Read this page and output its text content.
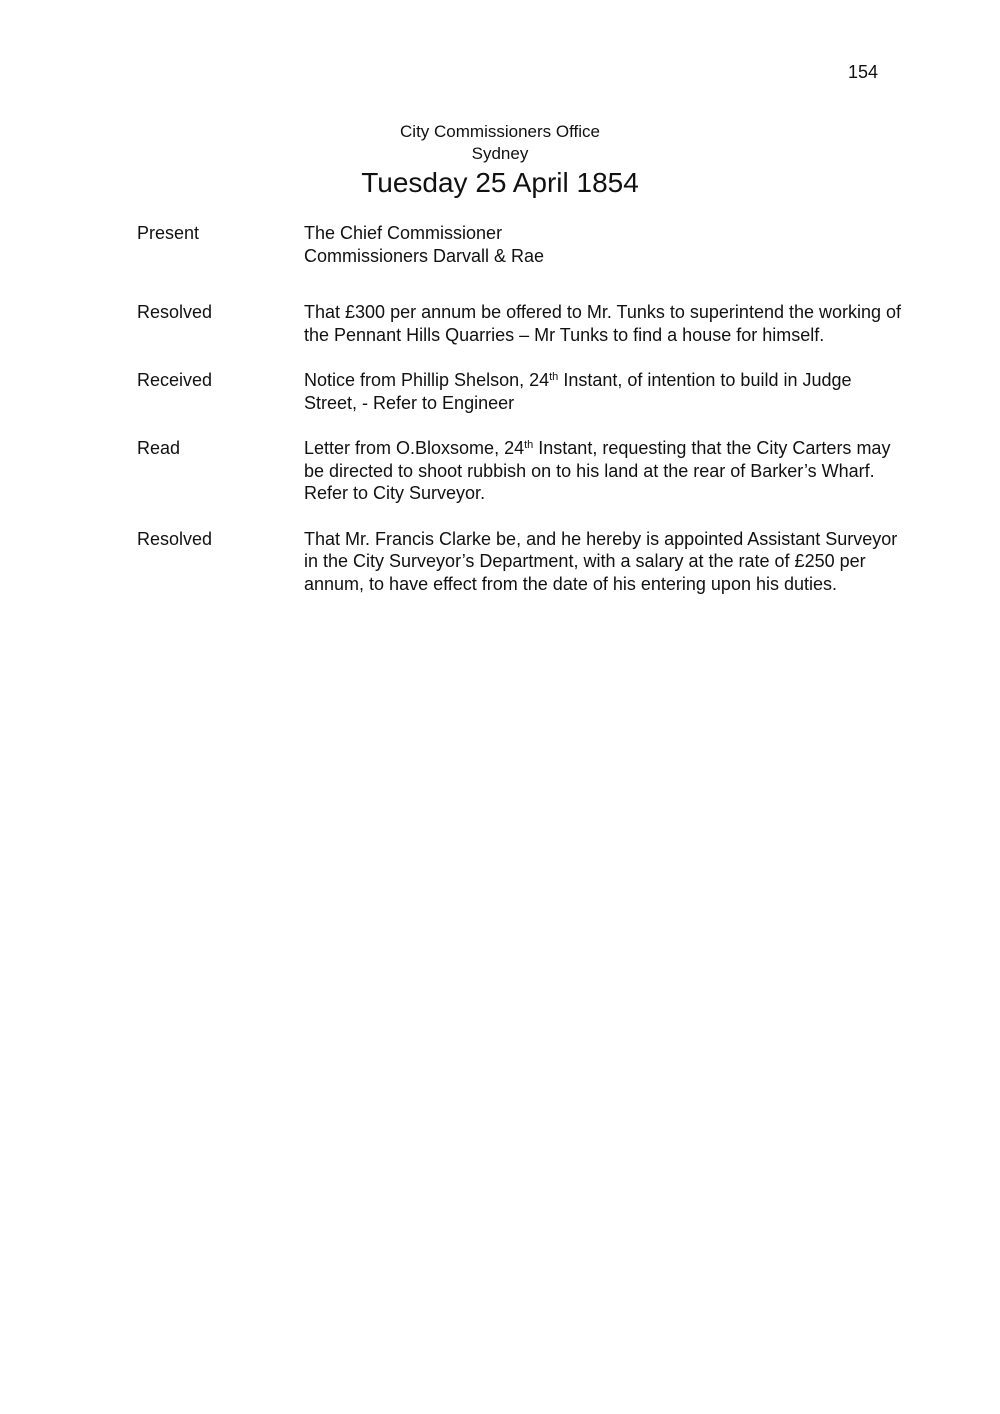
154
City Commissioners Office
Sydney
Tuesday 25 April 1854
Present	The Chief Commissioner
Commissioners Darvall & Rae
Resolved	That £300 per annum be offered to Mr. Tunks to superintend the working of
the Pennant Hills Quarries – Mr Tunks to find a house for himself.
Received	Notice from Phillip Shelson, 24th Instant, of intention to build in Judge
Street, - Refer to Engineer
Read	Letter from O.Bloxsome, 24th Instant, requesting that the City Carters may
be directed to shoot rubbish on to his land at the rear of Barker’s Wharf.
Refer to City Surveyor.
Resolved	That Mr. Francis Clarke be, and he hereby is appointed Assistant Surveyor
in the City Surveyor’s Department, with a salary at the rate of £250 per
annum, to have effect from the date of his entering upon his duties.
